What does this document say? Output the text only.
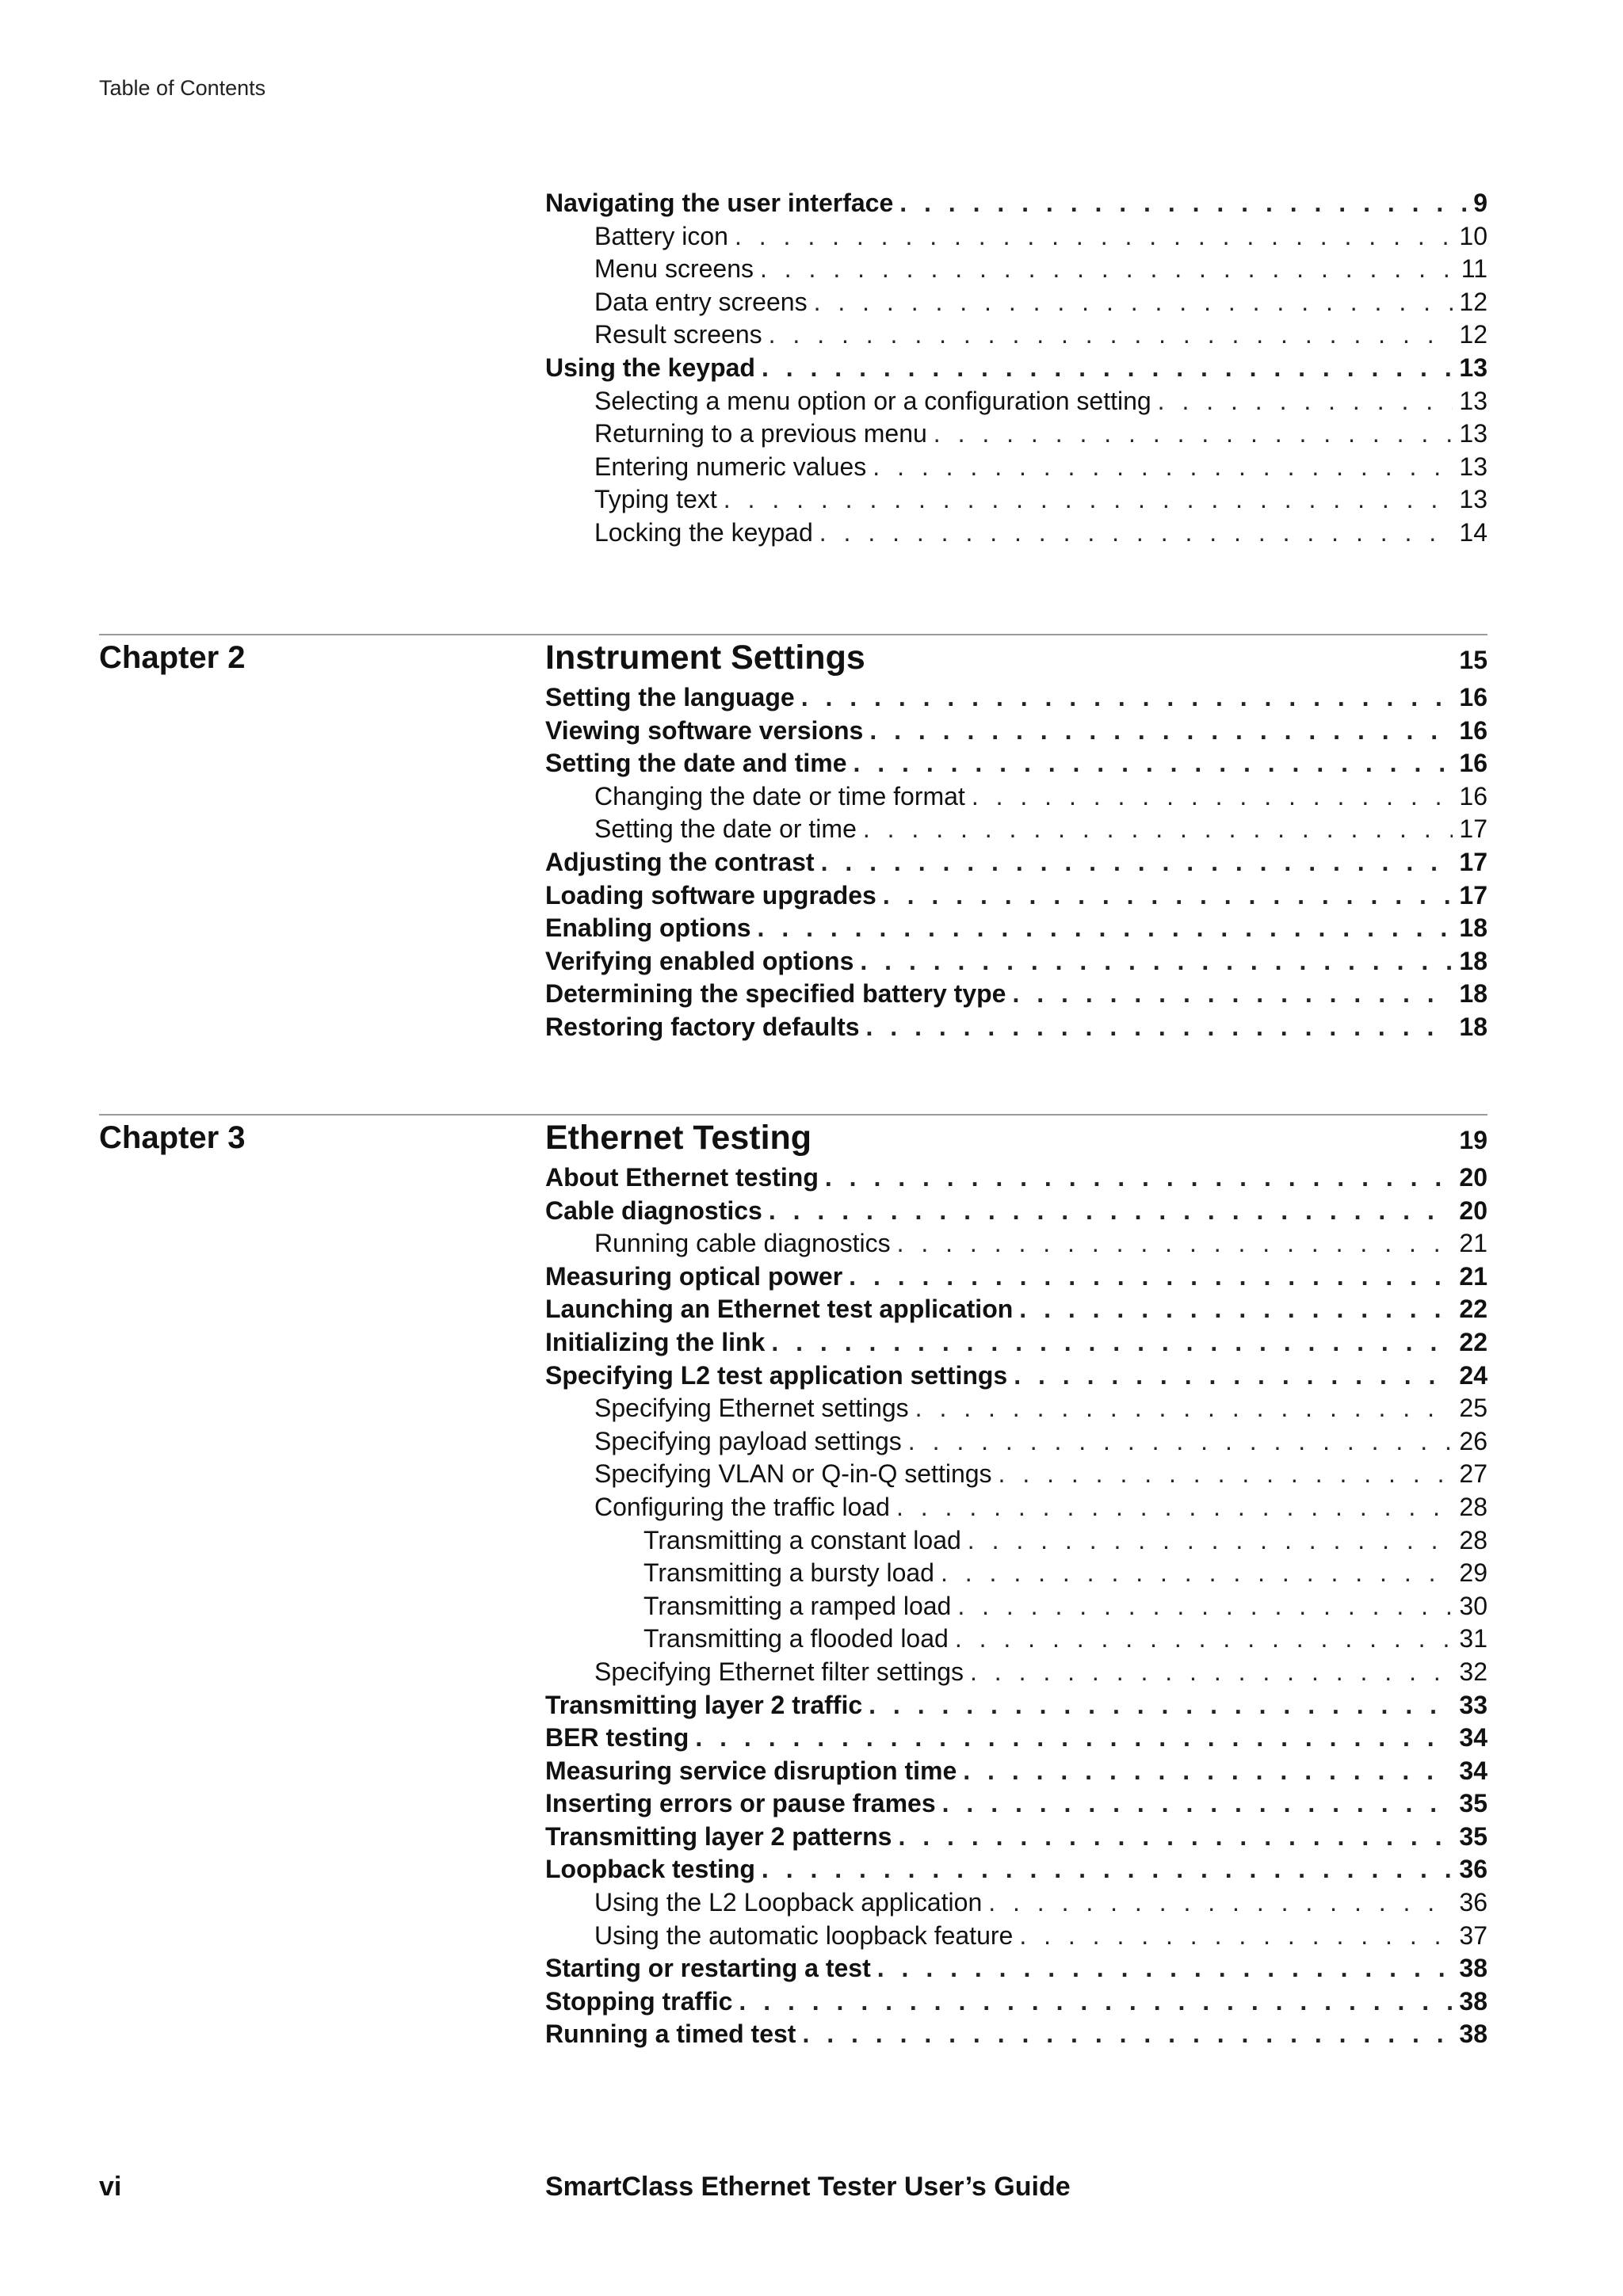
Table of Contents
Navigating the user interface . . .	9
Battery icon . . .	10
Menu screens . . .	11
Data entry screens . . .	12
Result screens . . .	12
Using the keypad . . .	13
Selecting a menu option or a configuration setting . . .	13
Returning to a previous menu . . .	13
Entering numeric values . . .	13
Typing text . . .	13
Locking the keypad . . .	14
Chapter 2	Instrument Settings	15
Setting the language . . .	16
Viewing software versions . . .	16
Setting the date and time . . .	16
Changing the date or time format . . .	16
Setting the date or time . . .	17
Adjusting the contrast . . .	17
Loading software upgrades . . .	17
Enabling options . . .	18
Verifying enabled options . . .	18
Determining the specified battery type . . .	18
Restoring factory defaults . . .	18
Chapter 3	Ethernet Testing	19
About Ethernet testing . . .	20
Cable diagnostics . . .	20
Running cable diagnostics . . .	21
Measuring optical power . . .	21
Launching an Ethernet test application . . .	22
Initializing the link . . .	22
Specifying L2 test application settings . . .	24
Specifying Ethernet settings . . .	25
Specifying payload settings . . .	26
Specifying VLAN or Q-in-Q settings . . .	27
Configuring the traffic load . . .	28
Transmitting a constant load . . .	28
Transmitting a bursty load . . .	29
Transmitting a ramped load . . .	30
Transmitting a flooded load . . .	31
Specifying Ethernet filter settings . . .	32
Transmitting layer 2 traffic . . .	33
BER testing . . .	34
Measuring service disruption time . . .	34
Inserting errors or pause frames . . .	35
Transmitting layer 2 patterns . . .	35
Loopback testing . . .	36
Using the L2 Loopback application . . .	36
Using the automatic loopback feature . . .	37
Starting or restarting a test . . .	38
Stopping traffic . . .	38
Running a timed test . . .	38
vi	SmartClass Ethernet Tester User’s Guide
